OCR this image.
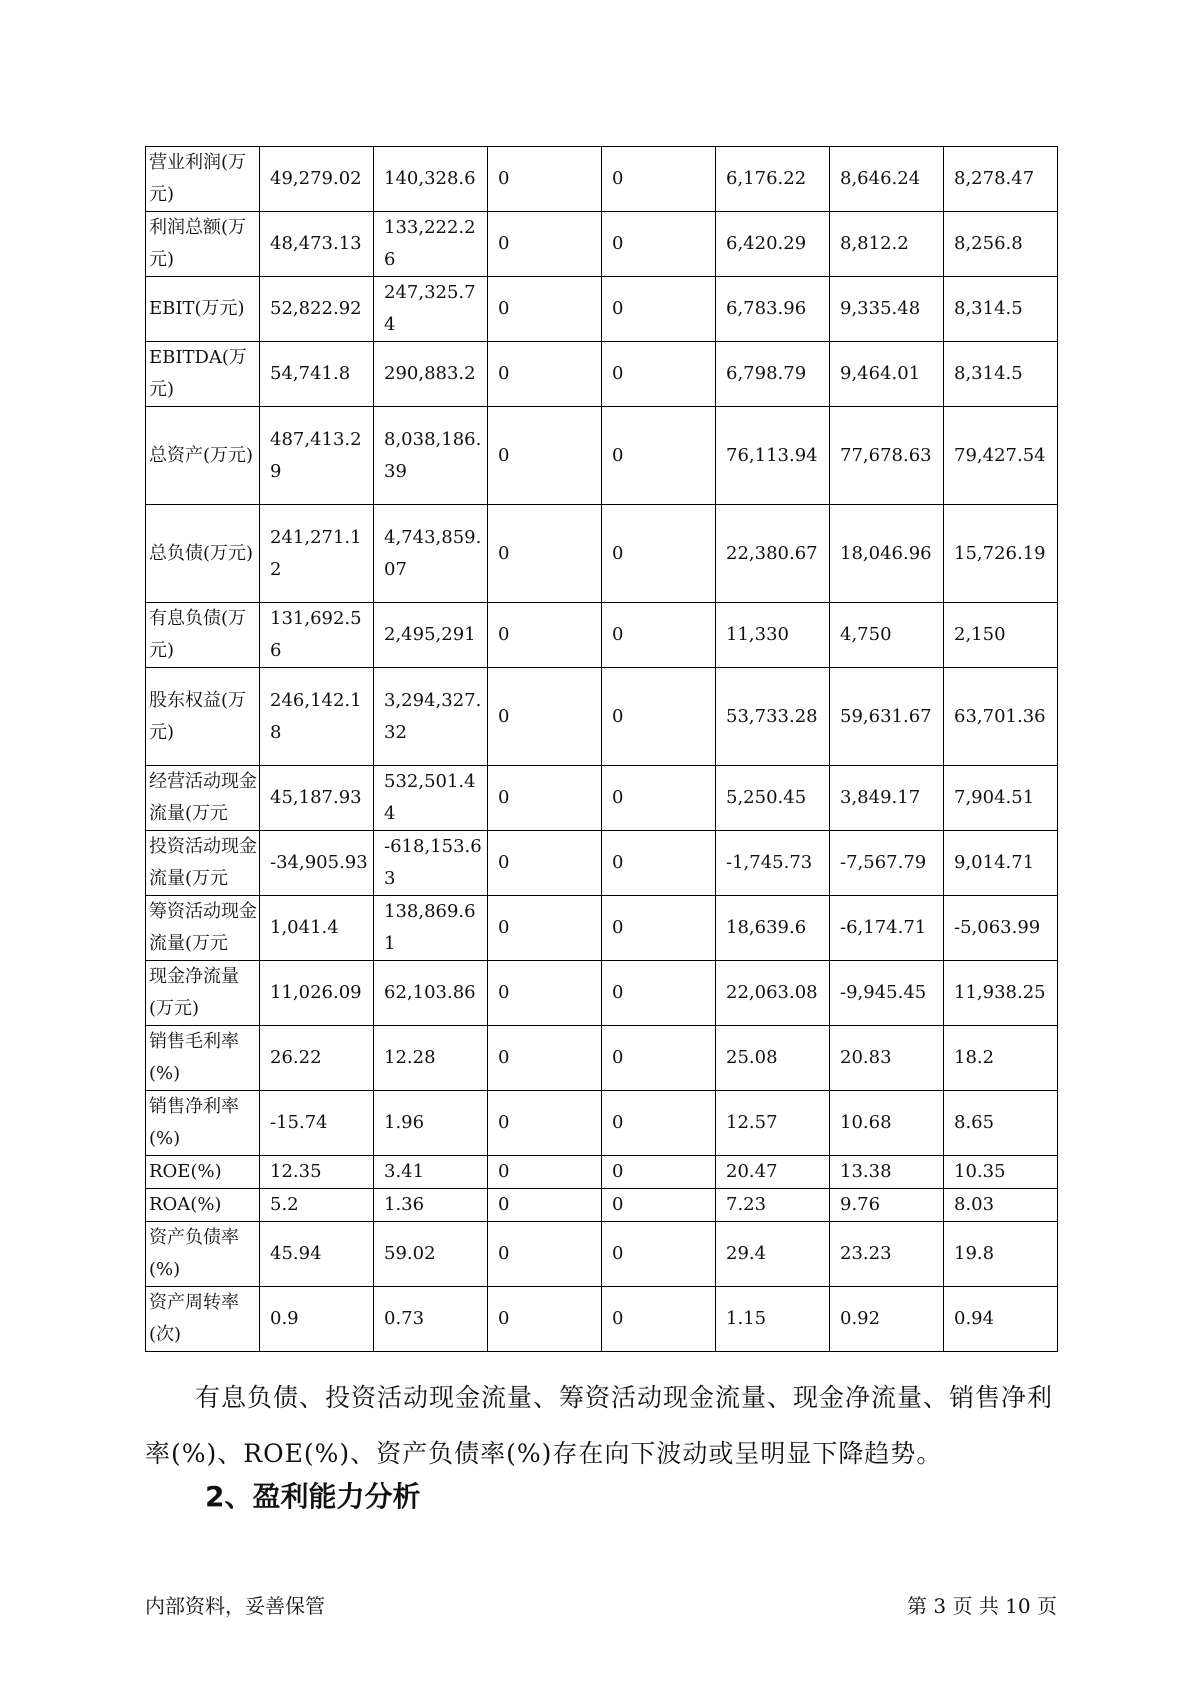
营业利润(万元)	49,279.02	140,328.6	0	0	6,176.22	8,646.24	8,278.47
利润总额(万元)	48,473.13	133,222.26	0	0	6,420.29	8,812.2	8,256.8
EBIT(万元)	52,822.92	247,325.74	0	0	6,783.96	9,335.48	8,314.5
EBITDA(万元)	54,741.8	290,883.2	0	0	6,798.79	9,464.01	8,314.5
总资产(万元)	487,413.29	8,038,186.39	0	0	76,113.94	77,678.63	79,427.54
总负债(万元)	241,271.12	4,743,859.07	0	0	22,380.67	18,046.96	15,726.19
有息负债(万元)	131,692.56	2,495,291	0	0	11,330	4,750	2,150
股东权益(万元)	246,142.18	3,294,327.32	0	0	53,733.28	59,631.67	63,701.36
经营活动现金流量(万元	45,187.93	532,501.44	0	0	5,250.45	3,849.17	7,904.51
投资活动现金流量(万元	-34,905.93	-618,153.63	0	0	-1,745.73	-7,567.79	9,014.71
筹资活动现金流量(万元	1,041.4	138,869.61	0	0	18,639.6	-6,174.71	-5,063.99
现金净流量(万元)	11,026.09	62,103.86	0	0	22,063.08	-9,945.45	11,938.25
销售毛利率(%)	26.22	12.28	0	0	25.08	20.83	18.2
销售净利率(%)	-15.74	1.96	0	0	12.57	10.68	8.65
ROE(%)	12.35	3.41	0	0	20.47	13.38	10.35
ROA(%)	5.2	1.36	0	0	7.23	9.76	8.03
资产负债率(%)	45.94	59.02	0	0	29.4	23.23	19.8
资产周转率(次)	0.9	0.73	0	0	1.15	0.92	0.94
有息负债、投资活动现金流量、筹资活动现金流量、现金净流量、销售净利率(%)、ROE(%)、资产负债率(%)存在向下波动或呈明显下降趋势。
2、盈利能力分析
内部资料，妥善保管	第 3 页 共 10 页
